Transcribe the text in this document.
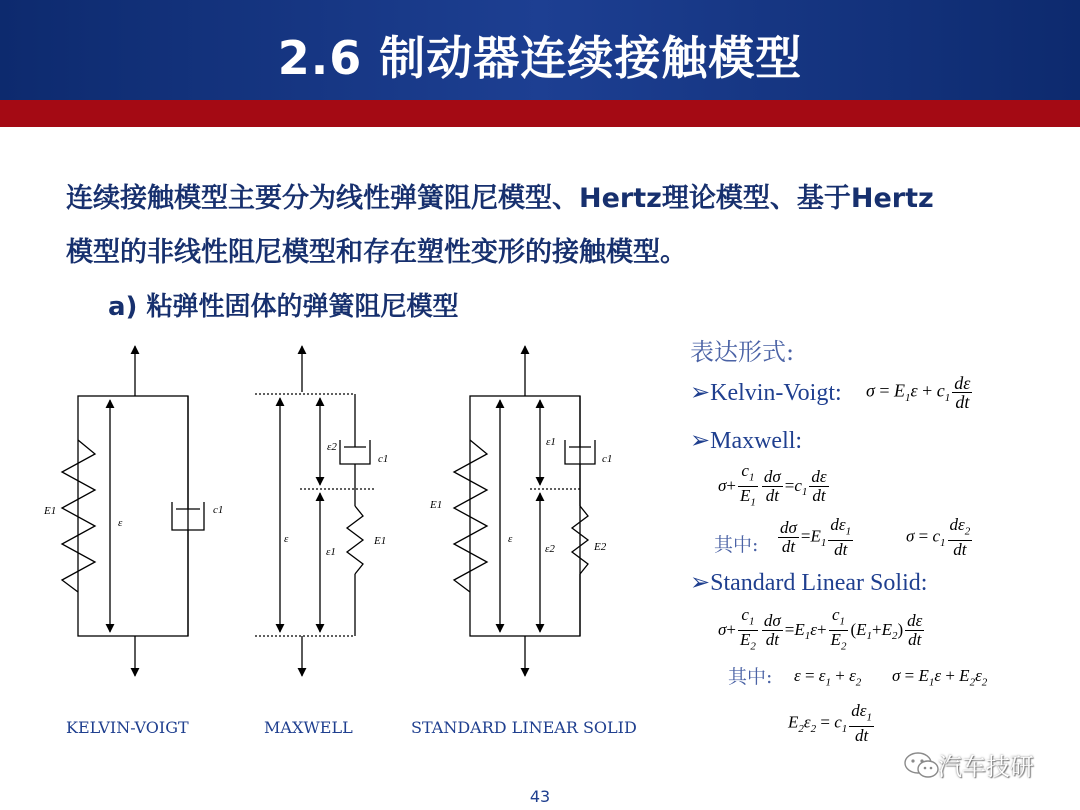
2.6 制动器连续接触模型
连续接触模型主要分为线性弹簧阻尼模型、Hertz理论模型、基于Hertz
模型的非线性阻尼模型和存在塑性变形的接触模型。
a) 粘弹性固体的弹簧阻尼模型
E1
ε
c1
ε
ε2
c1
E1
ε1
E1
ε
ε1
c1
ε2	E2
KELVIN-VOIGT	MAXWELL	STANDARD LINEAR SOLID
表达形式:
➢Kelvin-Voigt: $\sigma = E_1\varepsilon + c_1 \frac{d\varepsilon}{dt}$
➢Maxwell:
$\sigma+ \frac{c_1}{E_1} \frac{d\sigma}{dt} =c_1 \frac{d\varepsilon}{dt}$
其中: $\frac{d\sigma}{dt} =E_1 \frac{d\varepsilon_1}{dt}$	$\sigma = c_1 \frac{d\varepsilon_2}{dt}$
➢Standard Linear Solid:
$\sigma+ \frac{c_1}{E_2} \frac{d\sigma}{dt} =E_1\varepsilon+ \frac{c_1}{E_2} (E_1+E_2) \frac{d\varepsilon}{dt}$
其中: $\varepsilon = \varepsilon_1 + \varepsilon_2$ $\sigma = E_1\varepsilon + E_2\varepsilon_2$
$E_2\varepsilon_2 = c_1 \frac{d\varepsilon_1}{dt}$
43
汽车技研
